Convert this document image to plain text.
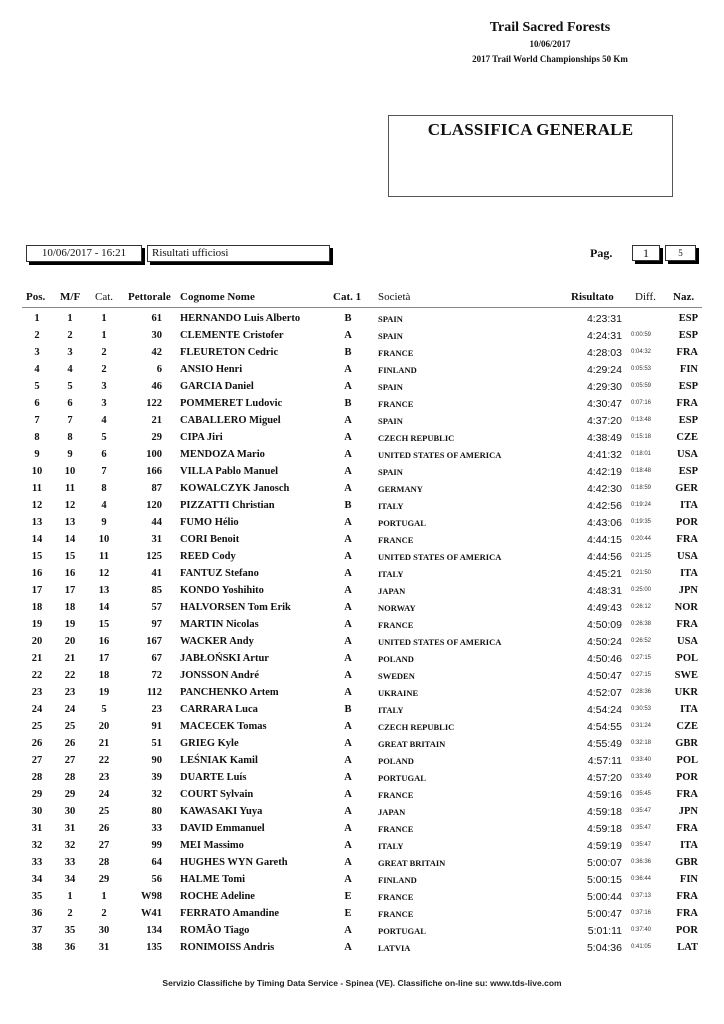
Trail Sacred Forests
10/06/2017
2017 Trail World Championships 50 Km
CLASSIFICA GENERALE
10/06/2017 - 16:21	Risultati ufficiosi	Pag.	1	5
Pos. M/F Cat. Pettorale Cognome Nome	Cat. 1 Società	Risultato Diff. Naz.
1	1	1	61 HERNANDO Luis Alberto	B	SPAIN	4:23:31	ESP
2	2	1	30 CLEMENTE Cristofer	A	SPAIN	4:24:31 0:00:59	ESP
3	3	2	42 FLEURETON Cedric	B	FRANCE	4:28:03 0:04:32	FRA
4	4	2	6 ANSIO Henri	A	FINLAND	4:29:24 0:05:53	FIN
5	5	3	46 GARCIA Daniel	A	SPAIN	4:29:30 0:05:59	ESP
6	6	3	122 POMMERET Ludovic	B	FRANCE	4:30:47 0:07:16	FRA
7	7	4	21 CABALLERO Miguel	A	SPAIN	4:37:20 0:13:48	ESP
8	8	5	29 CIPA Jiri	A	CZECH REPUBLIC	4:38:49 0:15:18	CZE
9	9	6	100 MENDOZA Mario	A	UNITED STATES OF AMERICA	4:41:32 0:18:01	USA
10	10	7	166 VILLA Pablo Manuel	A	SPAIN	4:42:19 0:18:48	ESP
11	11	8	87 KOWALCZYK Janosch	A	GERMANY	4:42:30 0:18:59	GER
12	12	4	120 PIZZATTI Christian	B	ITALY	4:42:56 0:19:24	ITA
13	13	9	44 FUMO Hélio	A	PORTUGAL	4:43:06 0:19:35	POR
14	14	10	31 CORI Benoit	A	FRANCE	4:44:15 0:20:44	FRA
15	15	11	125 REED Cody	A	UNITED STATES OF AMERICA	4:44:56 0:21:25	USA
16	16	12	41 FANTUZ Stefano	A	ITALY	4:45:21 0:21:50	ITA
17	17	13	85 KONDO Yoshihito	A	JAPAN	4:48:31 0:25:00	JPN
18	18	14	57 HALVORSEN Tom Erik	A	NORWAY	4:49:43 0:26:12	NOR
19	19	15	97 MARTIN Nicolas	A	FRANCE	4:50:09 0:26:38	FRA
20	20	16	167 WACKER Andy	A	UNITED STATES OF AMERICA	4:50:24 0:26:52	USA
21	21	17	67 JABŁOŃSKI Artur	A	POLAND	4:50:46 0:27:15	POL
22	22	18	72 JONSSON André	A	SWEDEN	4:50:47 0:27:15	SWE
23	23	19	112 PANCHENKO Artem	A	UKRAINE	4:52:07 0:28:36	UKR
24	24	5	23 CARRARA Luca	B	ITALY	4:54:24 0:30:53	ITA
25	25	20	91 MACECEK Tomas	A	CZECH REPUBLIC	4:54:55 0:31:24	CZE
26	26	21	51 GRIEG Kyle	A	GREAT BRITAIN	4:55:49 0:32:18	GBR
27	27	22	90 LEŚNIAK Kamil	A	POLAND	4:57:11 0:33:40	POL
28	28	23	39 DUARTE Luís	A	PORTUGAL	4:57:20 0:33:49	POR
29	29	24	32 COURT Sylvain	A	FRANCE	4:59:16 0:35:45	FRA
30	30	25	80 KAWASAKI Yuya	A	JAPAN	4:59:18 0:35:47	JPN
31	31	26	33 DAVID Emmanuel	A	FRANCE	4:59:18 0:35:47	FRA
32	32	27	99 MEI Massimo	A	ITALY	4:59:19 0:35:47	ITA
33	33	28	64 HUGHES WYN Gareth	A	GREAT BRITAIN	5:00:07 0:36:36	GBR
34	34	29	56 HALME Tomi	A	FINLAND	5:00:15 0:36:44	FIN
35	1	1	W98 ROCHE Adeline	E	FRANCE	5:00:44 0:37:13	FRA
36	2	2	W41 FERRATO Amandine	E	FRANCE	5:00:47 0:37:16	FRA
37	35	30	134 ROMÃO Tiago	A	PORTUGAL	5:01:11 0:37:40	POR
38	36	31	135 RONIMOISS Andris	A	LATVIA	5:04:36 0:41:05	LAT
Servizio Classifiche by Timing Data Service - Spinea (VE). Classifiche on-line su: www.tds-live.com
